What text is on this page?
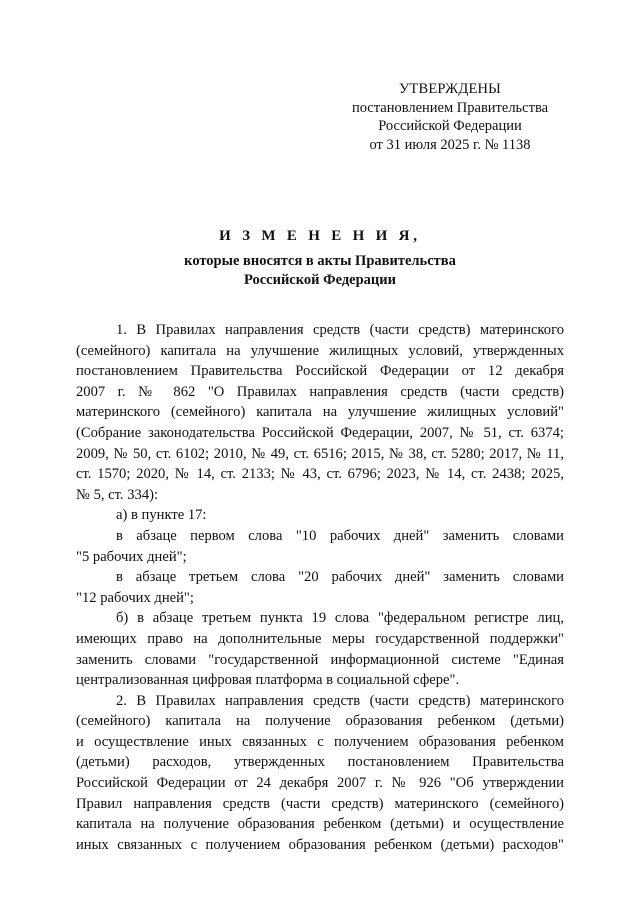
УТВЕРЖДЕНЫ
постановлением Правительства
Российской Федерации
от 31 июля 2025 г. № 1138
И З М Е Н Е Н И Я,
которые вносятся в акты Правительства
Российской Федерации
1. В Правилах направления средств (части средств) материнского
(семейного) капитала на улучшение жилищных условий, утвержденных
постановлением Правительства Российской Федерации от 12 декабря
2007 г. № 862 "О Правилах направления средств (части средств)
материнского (семейного) капитала на улучшение жилищных условий"
(Собрание законодательства Российской Федерации, 2007, № 51, ст. 6374;
2009, № 50, ст. 6102; 2010, № 49, ст. 6516; 2015, № 38, ст. 5280; 2017, № 11,
ст. 1570; 2020, № 14, ст. 2133; № 43, ст. 6796; 2023, № 14, ст. 2438; 2025,
№ 5, ст. 334):
а) в пункте 17:
в абзаце первом слова "10 рабочих дней" заменить словами
"5 рабочих дней";
в абзаце третьем слова "20 рабочих дней" заменить словами
"12 рабочих дней";
б) в абзаце третьем пункта 19 слова "федеральном регистре лиц,
имеющих право на дополнительные меры государственной поддержки"
заменить словами "государственной информационной системе "Единая
централизованная цифровая платформа в социальной сфере".
2. В Правилах направления средств (части средств) материнского
(семейного) капитала на получение образования ребенком (детьми)
и осуществление иных связанных с получением образования ребенком
(детьми) расходов, утвержденных постановлением Правительства
Российской Федерации от 24 декабря 2007 г. № 926 "Об утверждении
Правил направления средств (части средств) материнского (семейного)
капитала на получение образования ребенком (детьми) и осуществление
иных связанных с получением образования ребенком (детьми) расходов"
